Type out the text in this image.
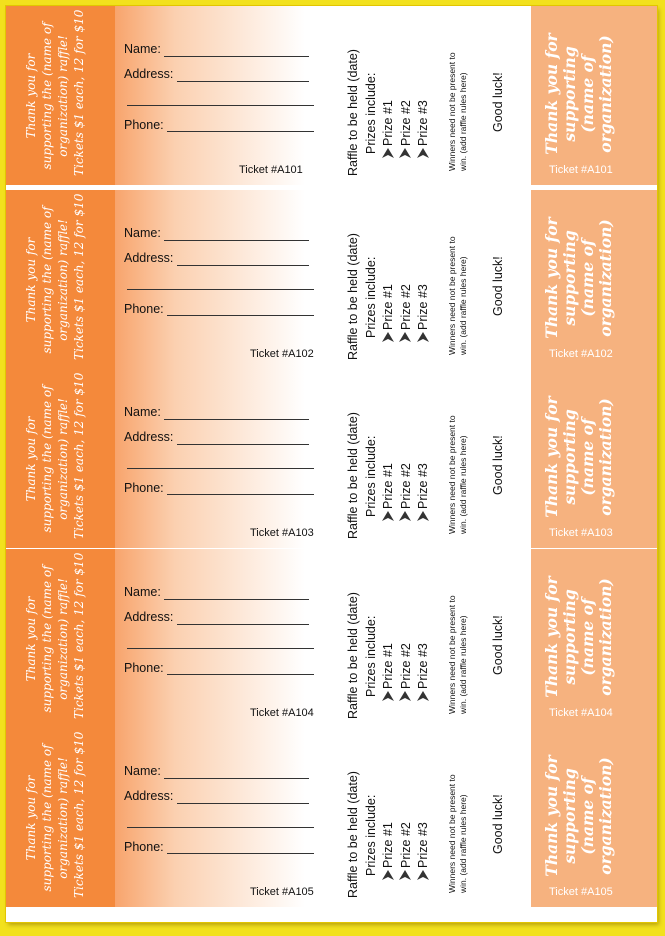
Thank you for supporting the (name of organization) raffle! Tickets $1 each, 12 for $10	Name:
Address:
Phone:
Ticket #A101	Raffle to be held (date) Prizes include: Prize #1 Prize #2 Prize #3 Winners need not be present to win. (add raffle rules here) Good luck! Thank you for supporting (name of organization)
Ticket #A101
Thank you for supporting the (name of organization) raffle! Tickets $1 each, 12 for $10	Name:
Address:
Phone:
Ticket #A102	Raffle to be held (date) Prizes include: Prize #1 Prize #2 Prize #3 Winners need not be present to win. (add raffle rules here) Good luck! Thank you for supporting (name of organization)
Ticket #A102
Thank you for supporting the (name of organization) raffle! Tickets $1 each, 12 for $10	Name:
Address:
Phone:
Ticket #A103	Raffle to be held (date) Prizes include: Prize #1 Prize #2 Prize #3 Winners need not be present to win. (add raffle rules here) Good luck! Thank you for supporting (name of organization)
Ticket #A103
Thank you for supporting the (name of organization) raffle! Tickets $1 each, 12 for $10	Name:
Address:
Phone:
Ticket #A104	Raffle to be held (date) Prizes include: Prize #1 Prize #2 Prize #3 Winners need not be present to win. (add raffle rules here) Good luck! Thank you for supporting (name of organization)
Ticket #A104
Thank you for supporting the (name of organization) raffle! Tickets $1 each, 12 for $10	Name:
Address:
Phone:
Ticket #A105	Raffle to be held (date) Prizes include: Prize #1 Prize #2 Prize #3 Winners need not be present to win. (add raffle rules here) Good luck! Thank you for supporting (name of organization)
Ticket #A105
